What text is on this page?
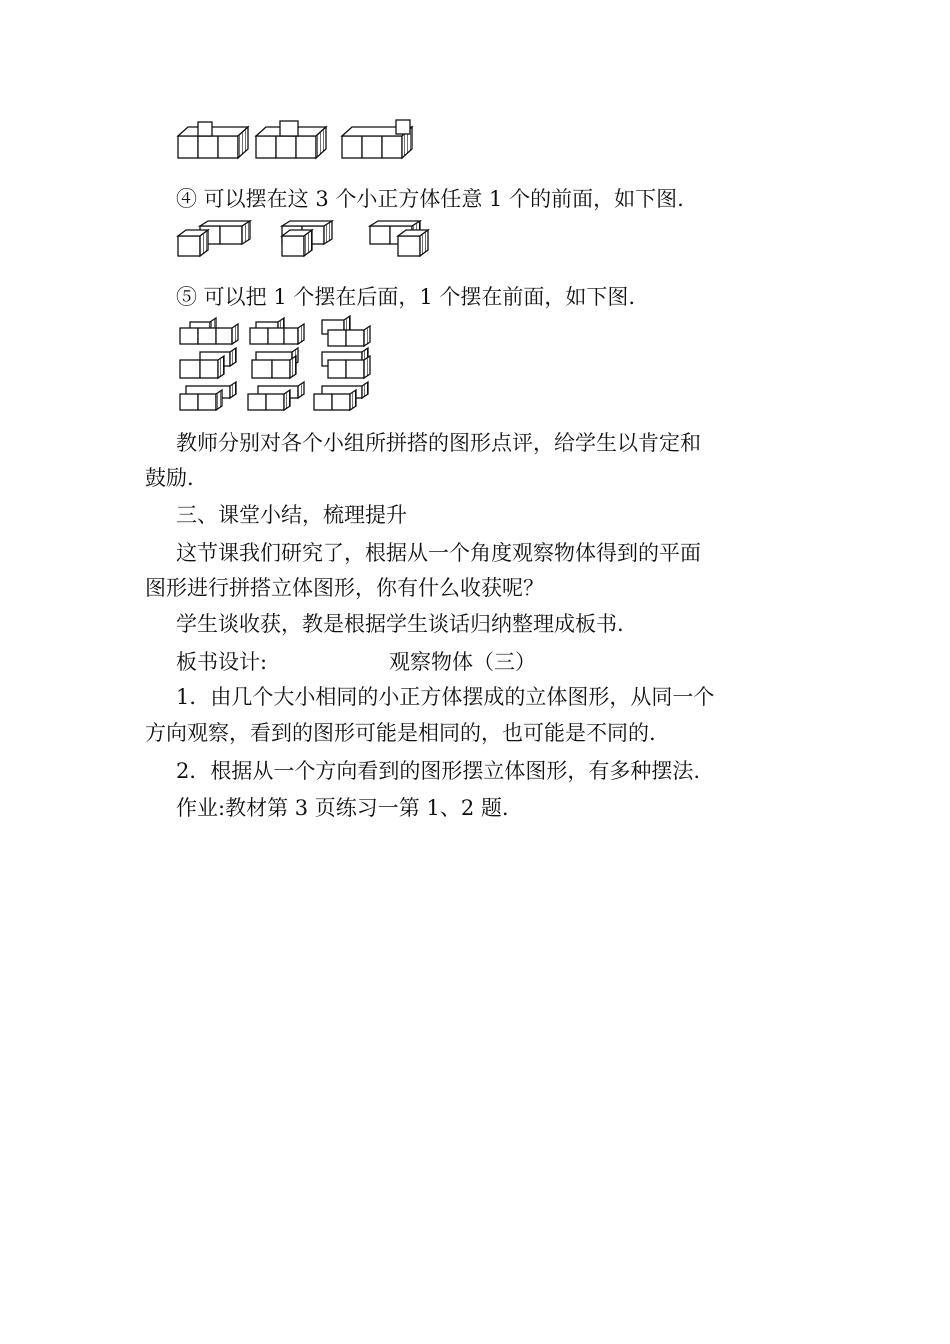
④ 可以摆在这 3 个小正方体任意 1 个的前面，如下图.
⑤ 可以把 1 个摆在后面，1 个摆在前面，如下图.
教师分别对各个小组所拼搭的图形点评，给学生以肯定和
鼓励.
三、课堂小结，梳理提升
这节课我们研究了，根据从一个角度观察物体得到的平面
图形进行拼搭立体图形，你有什么收获呢？
学生谈收获，教是根据学生谈话归纳整理成板书.
板书设计:	观察物体（三）
1．由几个大小相同的小正方体摆成的立体图形，从同一个
方向观察，看到的图形可能是相同的，也可能是不同的.
2．根据从一个方向看到的图形摆立体图形，有多种摆法.
作业:教材第 3 页练习一第 1、2 题.
